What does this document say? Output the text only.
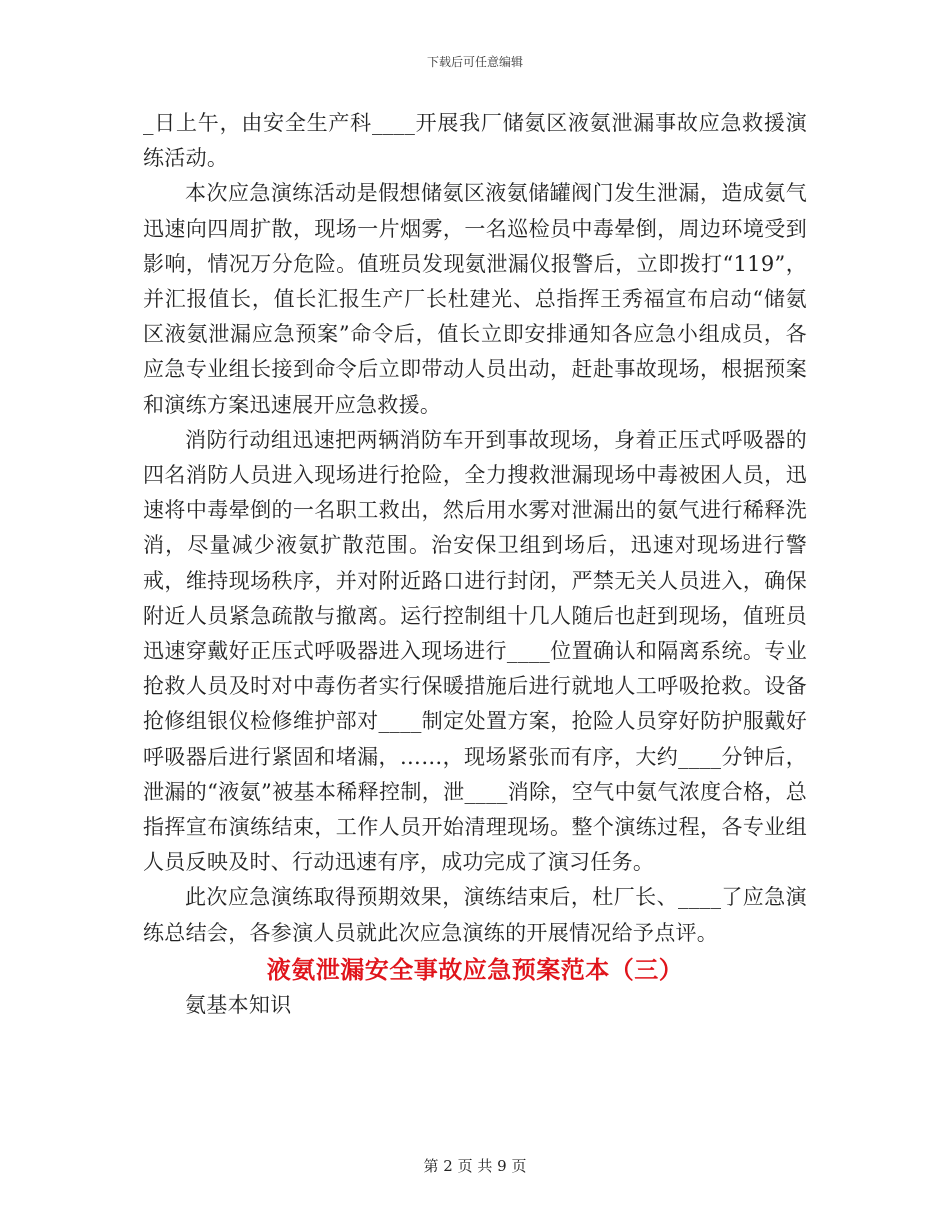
下载后可任意编辑

_日上午，由安全生产科____开展我厂储氨区液氨泄漏事故应急救援演练活动。

本次应急演练活动是假想储氨区液氨储罐阀门发生泄漏，造成氨气迅速向四周扩散，现场一片烟雾，一名巡检员中毒晕倒，周边环境受到影响，情况万分危险。值班员发现氨泄漏仪报警后，立即拨打“119”，并汇报值长，值长汇报生产厂长杜建光、总指挥王秀福宣布启动“储氨区液氨泄漏应急预案”命令后，值长立即安排通知各应急小组成员，各应急专业组长接到命令后立即带动人员出动，赶赴事故现场，根据预案和演练方案迅速展开应急救援。

消防行动组迅速把两辆消防车开到事故现场，身着正压式呼吸器的四名消防人员进入现场进行抢险，全力搜救泄漏现场中毒被困人员，迅速将中毒晕倒的一名职工救出，然后用水雾对泄漏出的氨气进行稀释洗消，尽量减少液氨扩散范围。治安保卫组到场后，迅速对现场进行警戒，维持现场秩序，并对附近路口进行封闭，严禁无关人员进入，确保附近人员紧急疏散与撤离。运行控制组十几人随后也赶到现场，值班员迅速穿戴好正压式呼吸器进入现场进行____位置确认和隔离系统。专业抢救人员及时对中毒伤者实行保暖措施后进行就地人工呼吸抢救。设备抢修组银仪检修维护部对____制定处置方案，抢险人员穿好防护服戴好呼吸器后进行紧固和堵漏，……，现场紧张而有序，大约____分钟后，泄漏的“液氨”被基本稀释控制，泄____消除，空气中氨气浓度合格，总指挥宣布演练结束，工作人员开始清理现场。整个演练过程，各专业组人员反映及时、行动迅速有序，成功完成了演习任务。

此次应急演练取得预期效果，演练结束后，杜厂长、____了应急演练总结会，各参演人员就此次应急演练的开展情况给予点评。

液氨泄漏安全事故应急预案范本（三）

氨基本知识

第 2 页 共 9 页
